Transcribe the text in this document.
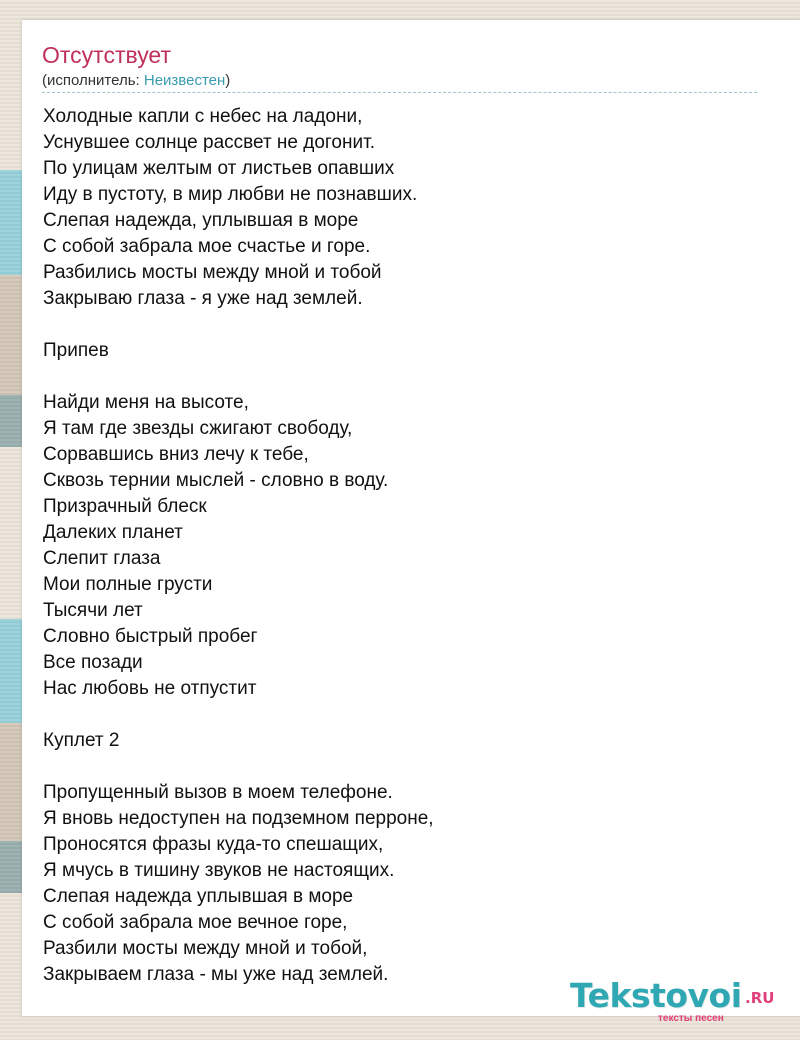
Отсутствует
(исполнитель: Неизвестен)
Холодные капли с небес на ладони,
Уснувшее солнце рассвет не догонит.
По улицам желтым от листьев опавших
Иду в пустоту, в мир любви не познавших.
Слепая надежда, уплывшая в море
С собой забрала мое счастье и горе.
Разбились мосты между мной и тобой
Закрываю глаза - я уже над землей.
Припев
Найди меня на высоте,
Я там где звезды сжигают свободу,
Сорвавшись вниз лечу к тебе,
Сквозь тернии мыслей - словно в воду.
Призрачный блеск
Далеких планет
Слепит глаза
Мои полные грусти
Тысячи лет
Словно быстрый пробег
Все позади
Нас любовь не отпустит
Куплет 2
Пропущенный вызов в моем телефоне.
Я вновь недоступен на подземном перроне,
Проносятся фразы куда-то спешащих,
Я мчусь в тишину звуков не настоящих.
Слепая надежда уплывшая в море
С собой забрала мое вечное горе,
Разбили мосты между мной и тобой,
Закрываем глаза - мы уже над землей.
Tekstovoi .RU
тексты песен
